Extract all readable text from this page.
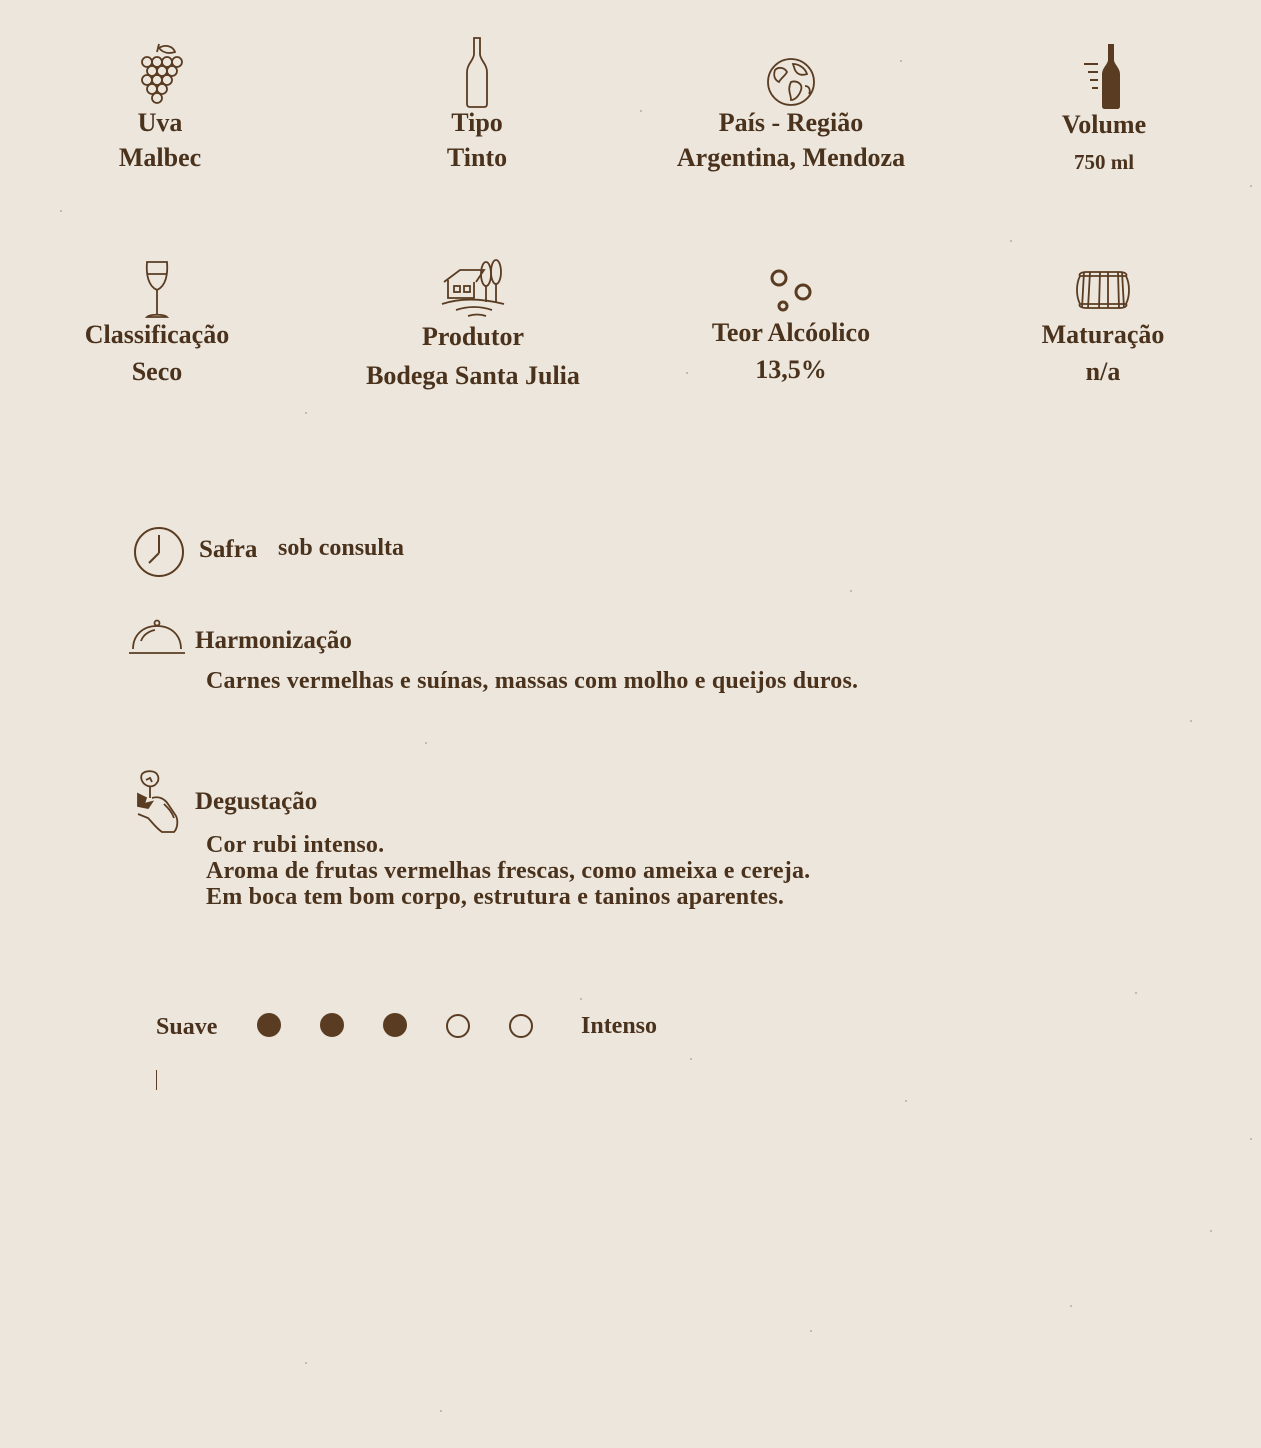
Uva
Malbec
Tipo
Tinto
País - Região
Argentina, Mendoza
Volume
750 ml
Classificação
Seco
Produtor
Bodega Santa Julia
Teor Alcóolico
13,5%
Maturação
n/a
Safra sob consulta
Harmonização
Carnes vermelhas e suínas, massas com molho e queijos duros.
Degustação
Cor rubi intenso.
Aroma de frutas vermelhas frescas, como ameixa e cereja.
Em boca tem bom corpo, estrutura e taninos aparentes.
Suave	Intenso
